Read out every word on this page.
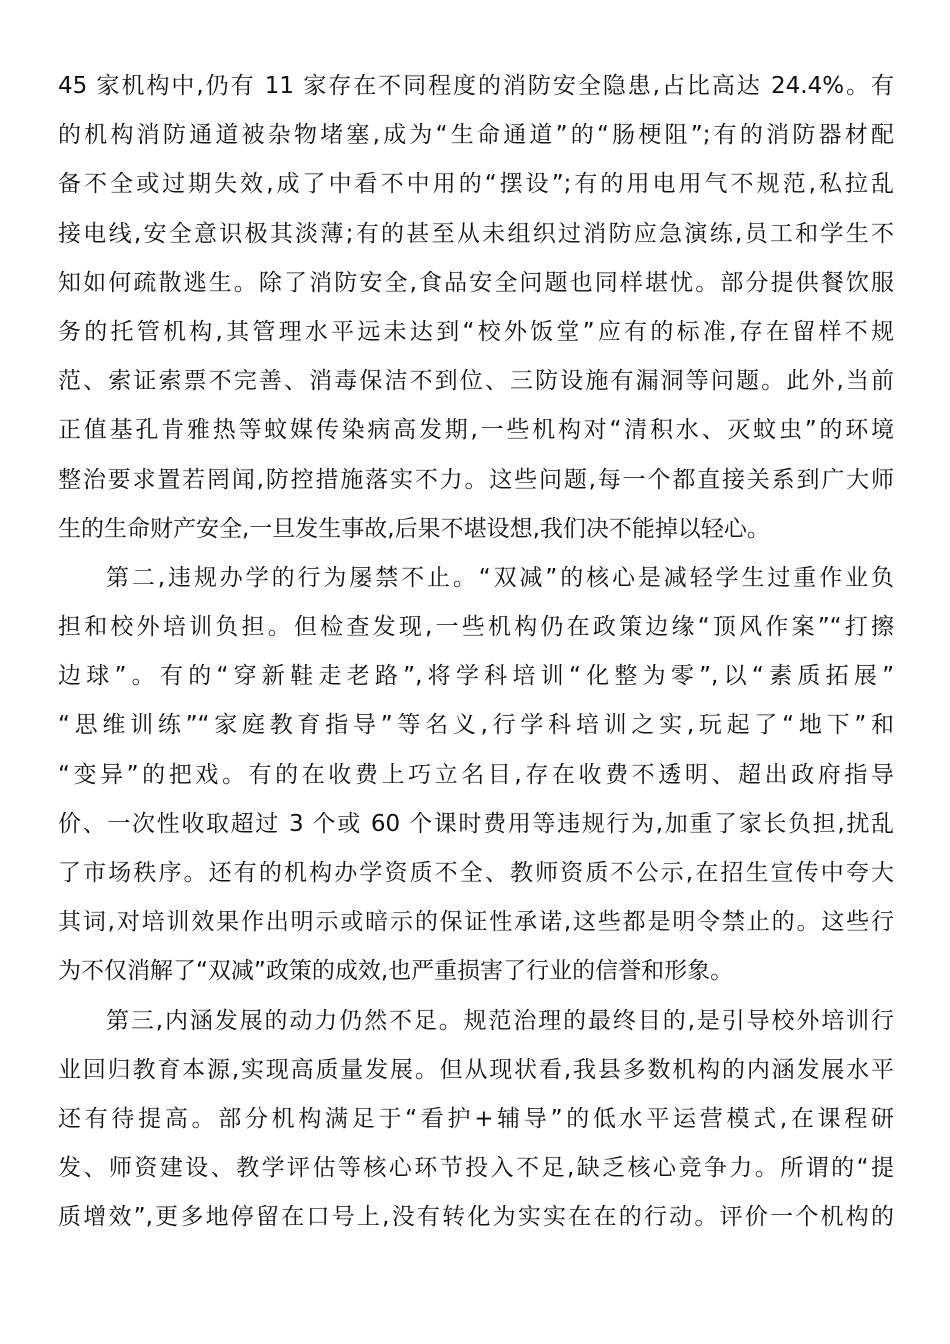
45 家机构中,仍有 11 家存在不同程度的消防安全隐患,占比高达 24.4%。有
的机构消防通道被杂物堵塞,成为“生命通道”的“肠梗阻”;有的消防器材配
备不全或过期失效,成了中看不中用的“摆设”;有的用电用气不规范,私拉乱
接电线,安全意识极其淡薄;有的甚至从未组织过消防应急演练,员工和学生不
知如何疏散逃生。除了消防安全,食品安全问题也同样堪忧。部分提供餐饮服
务的托管机构,其管理水平远未达到“校外饭堂”应有的标准,存在留样不规
范、索证索票不完善、消毒保洁不到位、三防设施有漏洞等问题。此外,当前
正值基孔肯雅热等蚊媒传染病高发期,一些机构对“清积水、灭蚊虫”的环境
整治要求置若罔闻,防控措施落实不力。这些问题,每一个都直接关系到广大师
生的生命财产安全,一旦发生事故,后果不堪设想,我们决不能掉以轻心。
第二,违规办学的行为屡禁不止。“双减”的核心是减轻学生过重作业负
担和校外培训负担。但检查发现,一些机构仍在政策边缘“顶风作案”“打擦
边球”。有的“穿新鞋走老路”,将学科培训“化整为零”,以“素质拓展”
“思维训练”“家庭教育指导”等名义,行学科培训之实,玩起了“地下”和
“变异”的把戏。有的在收费上巧立名目,存在收费不透明、超出政府指导
价、一次性收取超过 3 个或 60 个课时费用等违规行为,加重了家长负担,扰乱
了市场秩序。还有的机构办学资质不全、教师资质不公示,在招生宣传中夸大
其词,对培训效果作出明示或暗示的保证性承诺,这些都是明令禁止的。这些行
为不仅消解了“双减”政策的成效,也严重损害了行业的信誉和形象。
第三,内涵发展的动力仍然不足。规范治理的最终目的,是引导校外培训行
业回归教育本源,实现高质量发展。但从现状看,我县多数机构的内涵发展水平
还有待提高。部分机构满足于“看护+辅导”的低水平运营模式,在课程研
发、师资建设、教学评估等核心环节投入不足,缺乏核心竞争力。所谓的“提
质增效”,更多地停留在口号上,没有转化为实实在在的行动。评价一个机构的
